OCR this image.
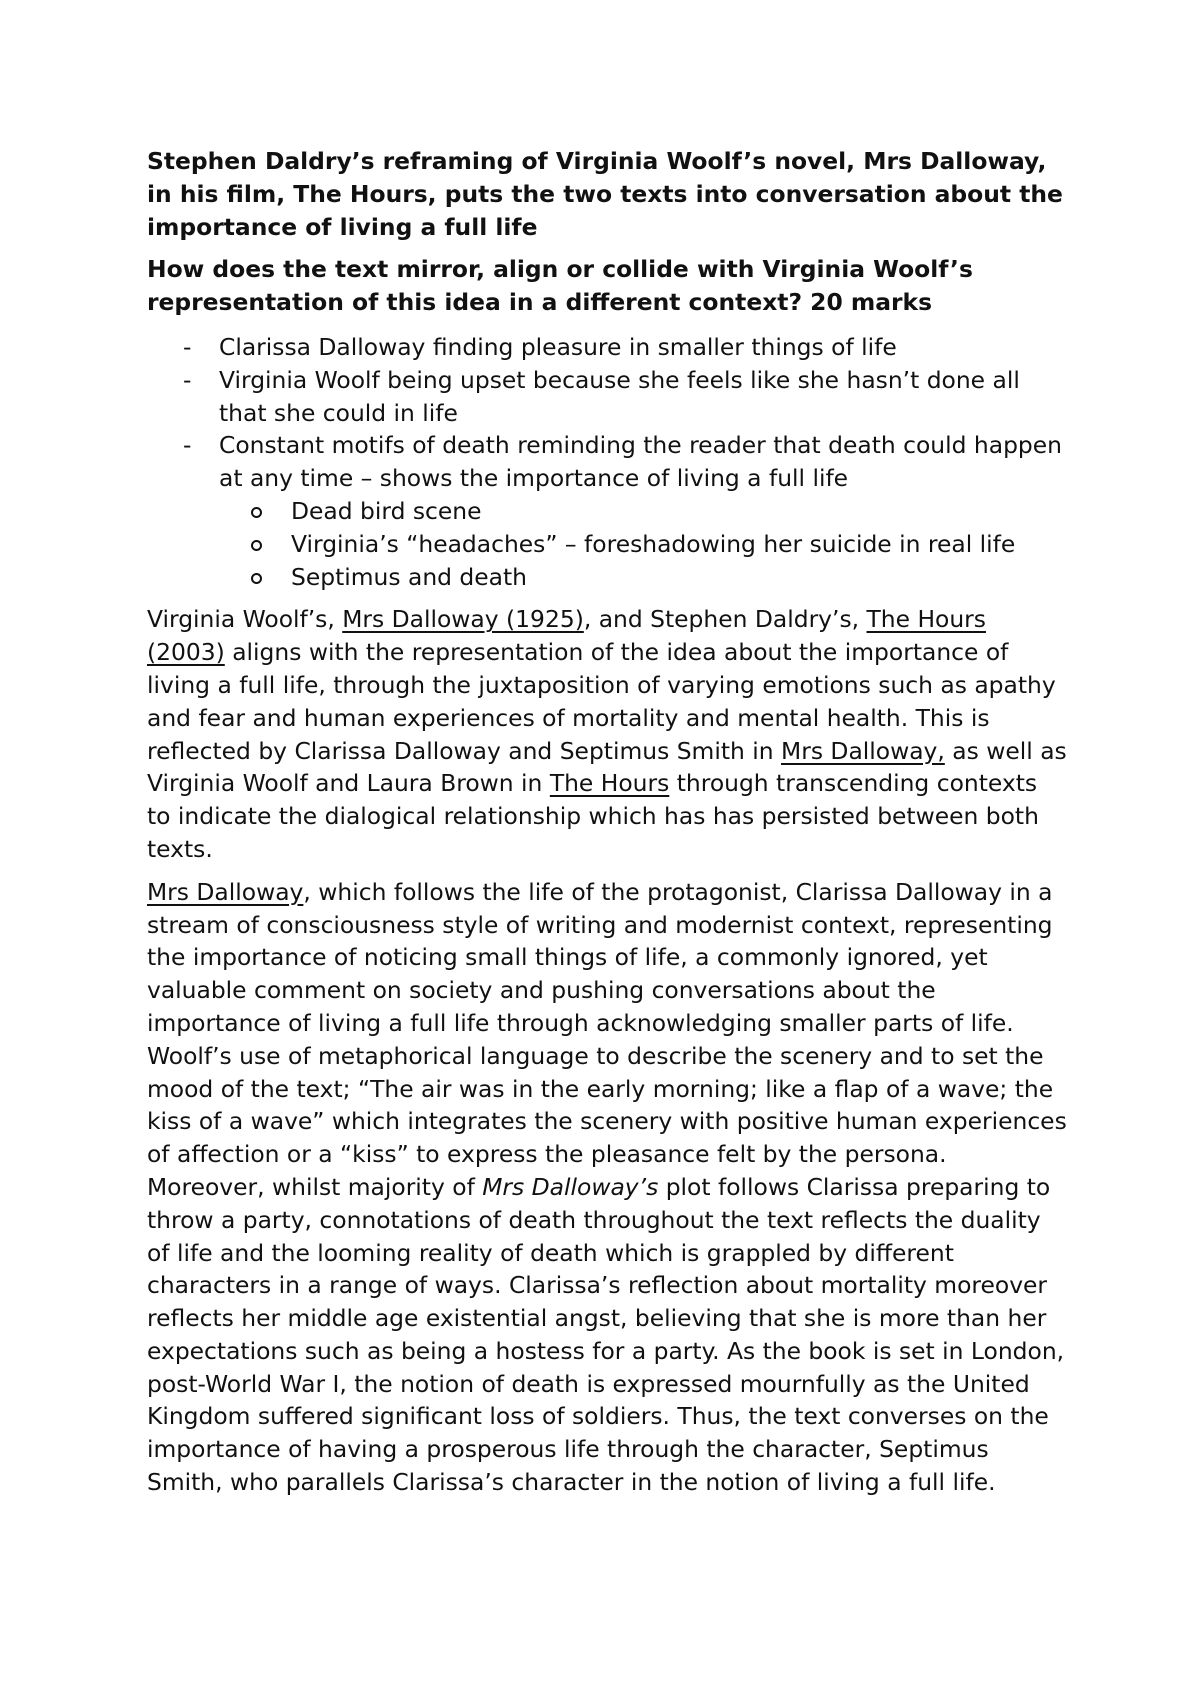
Stephen Daldry’s reframing of Virginia Woolf’s novel, Mrs Dalloway, in his film, The Hours, puts the two texts into conversation about the importance of living a full life

How does the text mirror, align or collide with Virginia Woolf’s representation of this idea in a different context? 20 marks

- Clarissa Dalloway finding pleasure in smaller things of life
- Virginia Woolf being upset because she feels like she hasn’t done all that she could in life
- Constant motifs of death reminding the reader that death could happen at any time – shows the importance of living a full life
Dead bird scene
Virginia’s “headaches” – foreshadowing her suicide in real life
Septimus and death

Virginia Woolf’s, Mrs Dalloway (1925), and Stephen Daldry’s, The Hours (2003) aligns with the representation of the idea about the importance of living a full life, through the juxtaposition of varying emotions such as apathy and fear and human experiences of mortality and mental health. This is reflected by Clarissa Dalloway and Septimus Smith in Mrs Dalloway, as well as Virginia Woolf and Laura Brown in The Hours through transcending contexts to indicate the dialogical relationship which has has persisted between both texts.

Mrs Dalloway, which follows the life of the protagonist, Clarissa Dalloway in a stream of consciousness style of writing and modernist context, representing the importance of noticing small things of life, a commonly ignored, yet valuable comment on society and pushing conversations about the importance of living a full life through acknowledging smaller parts of life. Woolf’s use of metaphorical language to describe the scenery and to set the mood of the text; “The air was in the early morning; like a flap of a wave; the kiss of a wave” which integrates the scenery with positive human experiences of affection or a “kiss” to express the pleasance felt by the persona. Moreover, whilst majority of Mrs Dalloway’s plot follows Clarissa preparing to throw a party, connotations of death throughout the text reflects the duality of life and the looming reality of death which is grappled by different characters in a range of ways. Clarissa’s reflection about mortality moreover reflects her middle age existential angst, believing that she is more than her expectations such as being a hostess for a party. As the book is set in London, post-World War I, the notion of death is expressed mournfully as the United Kingdom suffered significant loss of soldiers. Thus, the text converses on the importance of having a prosperous life through the character, Septimus Smith, who parallels Clarissa’s character in the notion of living a full life.
